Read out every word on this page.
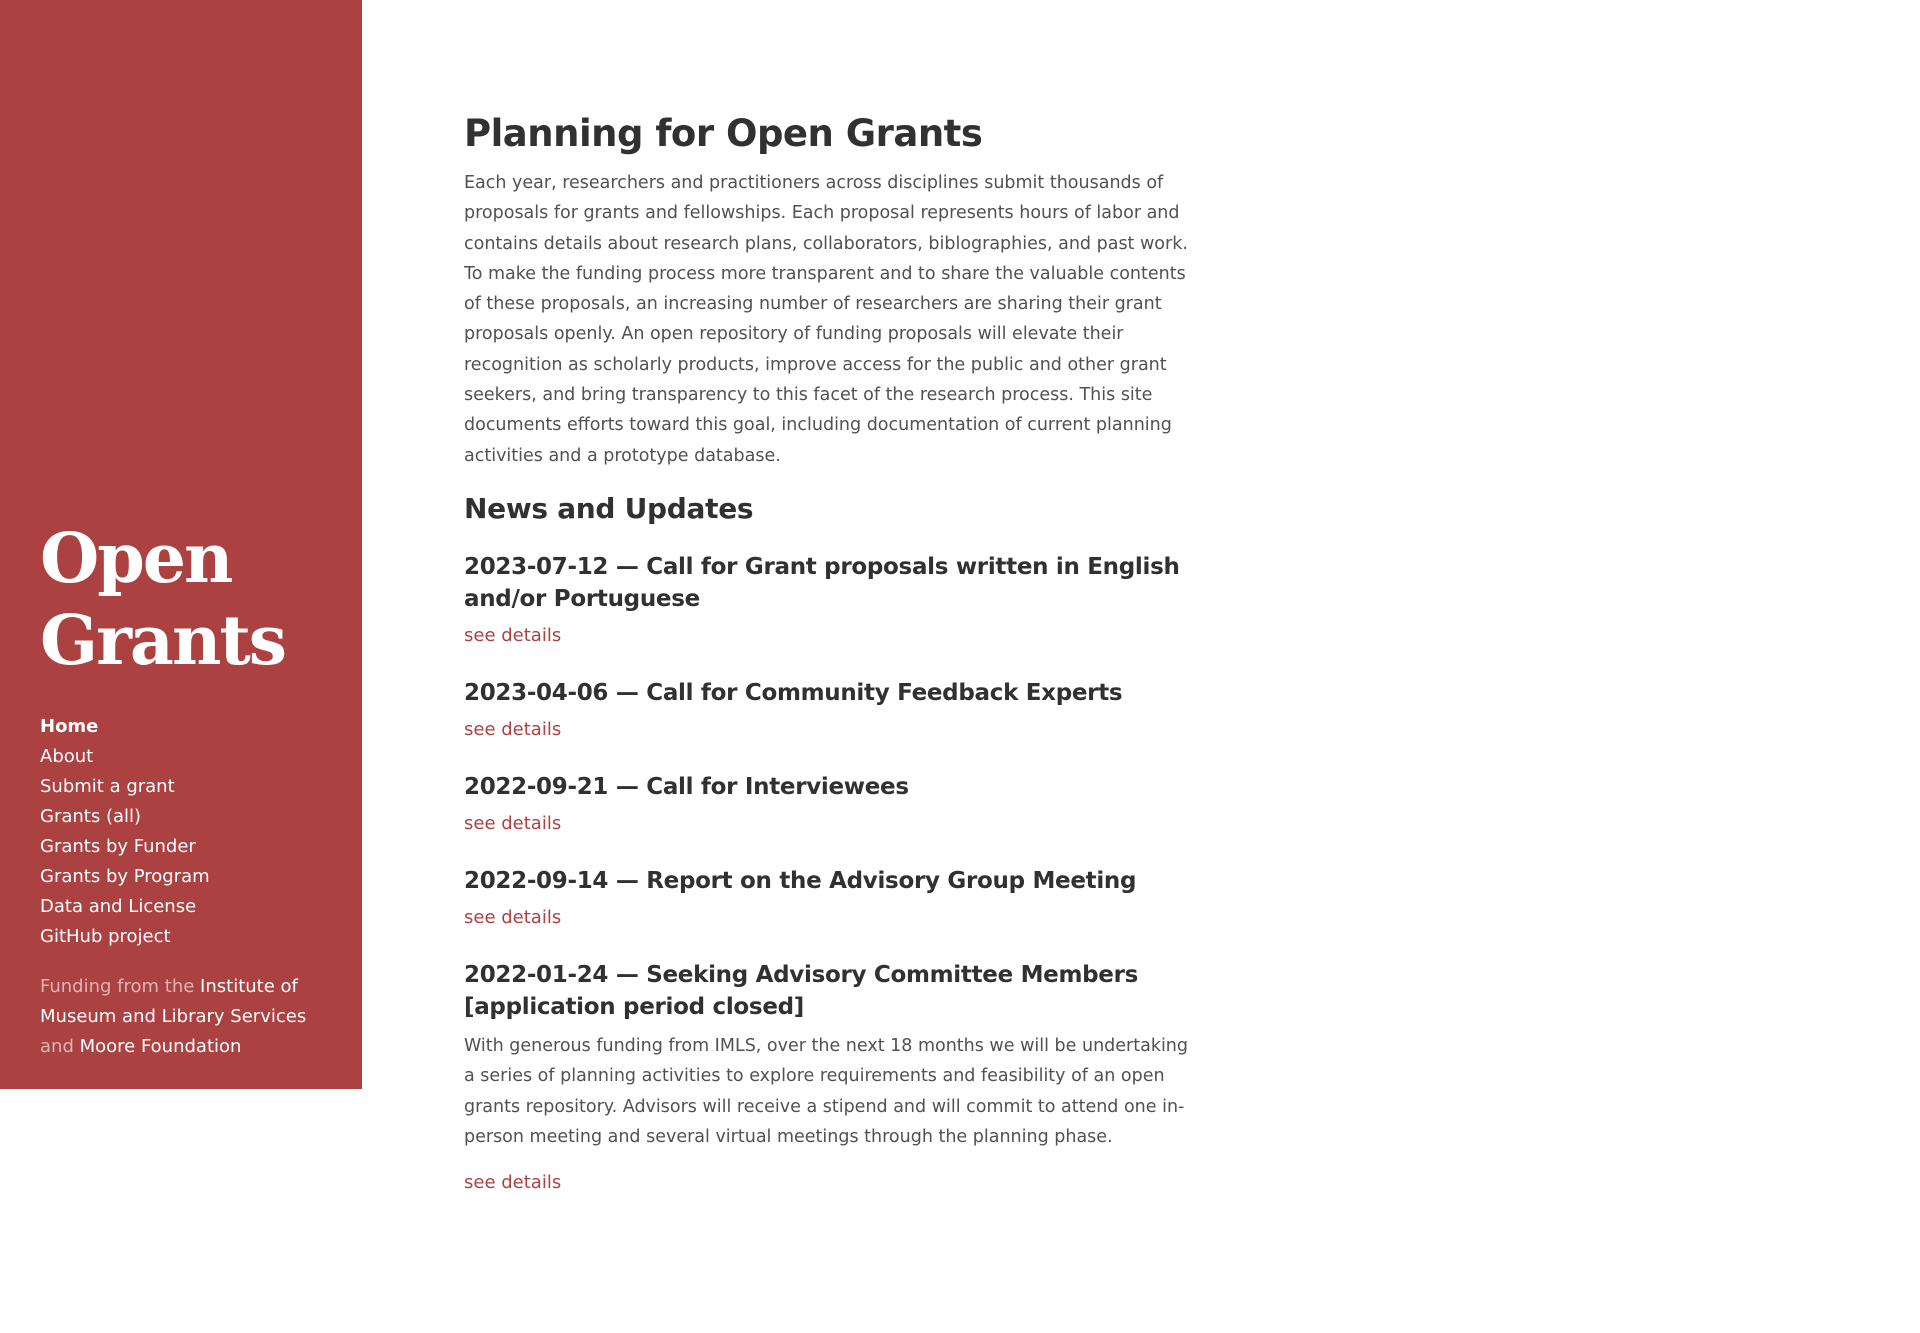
Open
Grants
Home
About
Submit a grant
Grants (all)
Grants by Funder
Grants by Program
Data and License
GitHub project
Funding from the Institute of Museum and Library Services and Moore Foundation
Planning for Open Grants

Each year, researchers and practitioners across disciplines submit thousands of proposals for grants and fellowships. Each proposal represents hours of labor and contains details about research plans, collaborators, biblographies, and past work. To make the funding process more transparent and to share the valuable contents of these proposals, an increasing number of researchers are sharing their grant proposals openly. An open repository of funding proposals will elevate their recognition as scholarly products, improve access for the public and other grant seekers, and bring transparency to this facet of the research process. This site documents efforts toward this goal, including documentation of current planning activities and a prototype database.

News and Updates
2023-07-12 — Call for Grant proposals written in English and/or Portuguese
see details
2023-04-06 — Call for Community Feedback Experts
see details
2022-09-21 — Call for Interviewees
see details
2022-09-14 — Report on the Advisory Group Meeting
see details
2022-01-24 — Seeking Advisory Committee Members [application period closed]

With generous funding from IMLS, over the next 18 months we will be undertaking a series of planning activities to explore requirements and feasibility of an open grants repository. Advisors will receive a stipend and will commit to attend one in-person meeting and several virtual meetings through the planning phase.

see details
